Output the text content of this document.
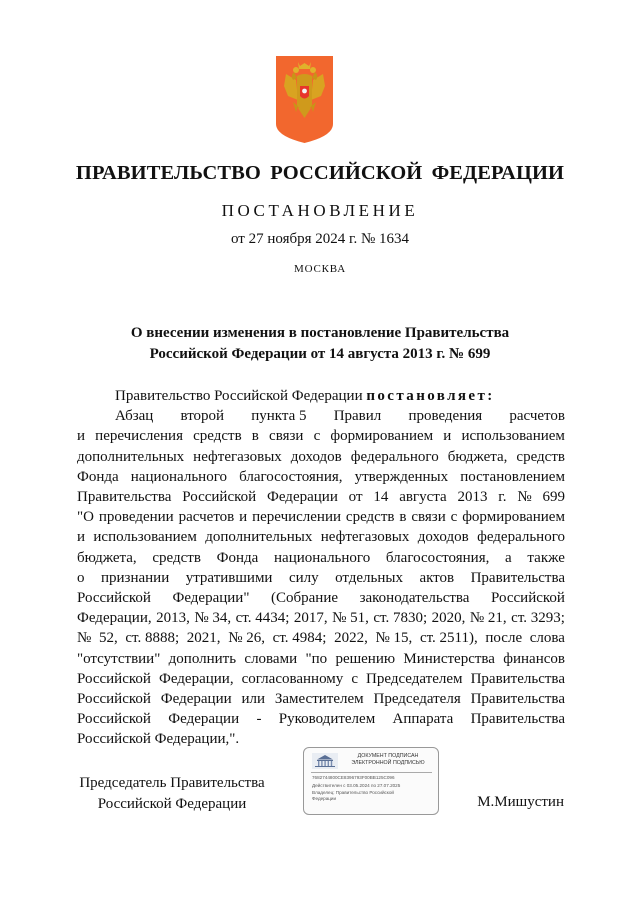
ПРАВИТЕЛЬСТВО РОССИЙСКОЙ ФЕДЕРАЦИИ
ПОСТАНОВЛЕНИЕ
от 27 ноября 2024 г. № 1634
МОСКВА
О внесении изменения в постановление Правительства
Российской Федерации от 14 августа 2013 г. № 699
Правительство Российской Федерации постановляет:
Абзац второй пункта 5 Правил проведения расчетов
и перечисления средств в связи с формированием и использованием
дополнительных нефтегазовых доходов федерального бюджета, средств
Фонда национального благосостояния, утвержденных постановлением
Правительства Российской Федерации от 14 августа 2013 г. № 699
"О проведении расчетов и перечислении средств в связи с формированием
и использованием дополнительных нефтегазовых доходов федерального
бюджета, средств Фонда национального благосостояния, а также
о признании утратившими силу отдельных актов Правительства
Российской Федерации" (Собрание законодательства Российской
Федерации, 2013, № 34, ст. 4434; 2017, № 51, ст. 7830; 2020, № 21, ст. 3293;
№ 52, ст. 8888; 2021, № 26, ст. 4984; 2022, № 15, ст. 2511), после слова
"отсутствии" дополнить словами "по решению Министерства финансов
Российской Федерации, согласованному с Председателем Правительства
Российской Федерации или Заместителем Председателя Правительства
Российской Федерации - Руководителем Аппарата Правительства
Российской Федерации,".
Председатель Правительства
Российской Федерации	М.Мишустин
ДОКУМЕНТ ПОДПИСАН
ЭЛЕКТРОННОЙ ПОДПИСЬЮ
7682744800CE8396793F00BB125C096
Действителен с 03.05.2024 по 27.07.2025
Владелец: Правительство Российской
Федерации
